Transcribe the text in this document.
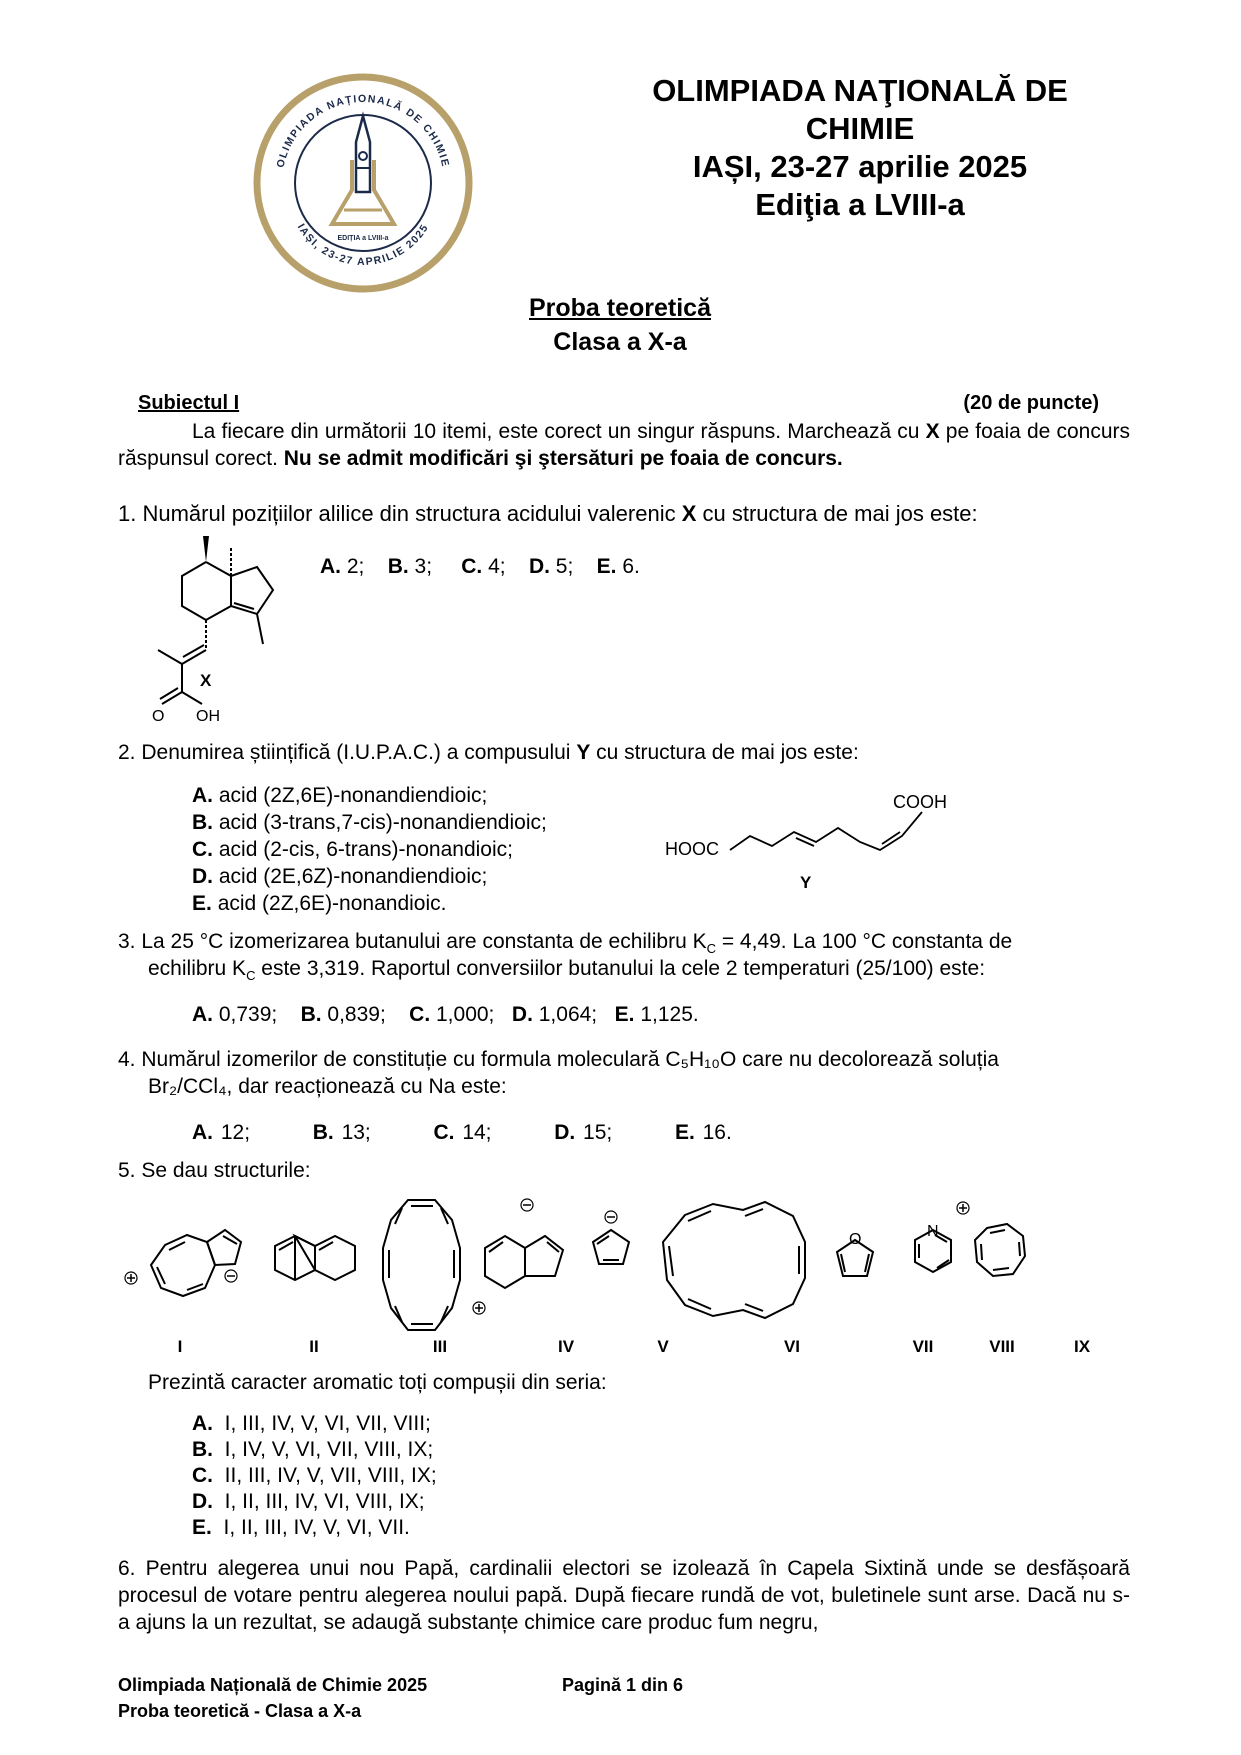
OLIMPIADA NAȚIONALĂ DE CHIMIE
IAȘI, 23-27 APRILIE 2025
EDIȚIA a LVIII-a
OLIMPIADA NAŢIONALĂ DE
CHIMIE
IAȘI, 23-27 aprilie 2025
Ediţia a LVIII-a
Proba teoretică
Clasa a X-a
Subiectul I	(20 de puncte)
La fiecare din următorii 10 itemi, este corect un singur răspuns. Marchează cu X pe foaia de concurs răspunsul corect. Nu se admit modificări şi ştersături pe foaia de concurs.
1. Numărul pozițiilor alilice din structura acidului valerenic X cu structura de mai jos este:
A. 2; B. 3; C. 4; D. 5; E. 6.
X
O OH
2. Denumirea științifică (I.U.P.A.C.) a compusului Y cu structura de mai jos este:
A. acid (2Z,6E)-nonandiendioic;
B. acid (3-trans,7-cis)-nonandiendioic;
C. acid (2-cis, 6-trans)-nonandioic;
D. acid (2E,6Z)-nonandiendioic;
E. acid (2Z,6E)-nonandioic.
HOOC
COOH
Y
3. La 25 °C izomerizarea butanului are constanta de echilibru $K_C = 4,49$. La 100 °C constanta de
echilibru $K_C$ este 3,319. Raportul conversiilor butanului la cele 2 temperaturi (25/100) este:
A. 0,739; B. 0,839; C. 1,000; D. 1,064; E. 1,125.
4. Numărul izomerilor de constituție cu formula moleculară C₅H₁₀O care nu decolorează soluția
Br₂/CCl₄, dar reacționează cu Na este:
A. 12;	B. 13;	C. 14;	D. 15;	E. 16.
5. Se dau structurile:
O	N
I	II	III	IV	V	VI	VII	VIII	IX
Prezintă caracter aromatic toți compușii din seria:
A. I, III, IV, V, VI, VII, VIII;
B. I, IV, V, VI, VII, VIII, IX;
C. II, III, IV, V, VII, VIII, IX;
D. I, II, III, IV, VI, VIII, IX;
E. I, II, III, IV, V, VI, VII.
6. Pentru alegerea unui nou Papă, cardinalii electori se izolează în Capela Sixtină unde se desfășoară procesul de votare pentru alegerea noului papă. După fiecare rundă de vot, buletinele sunt arse. Dacă nu s-a ajuns la un rezultat, se adaugă substanțe chimice care produc fum negru,
Olimpiada Națională de Chimie 2025
Proba teoretică - Clasa a X-a
Pagină 1 din 6
